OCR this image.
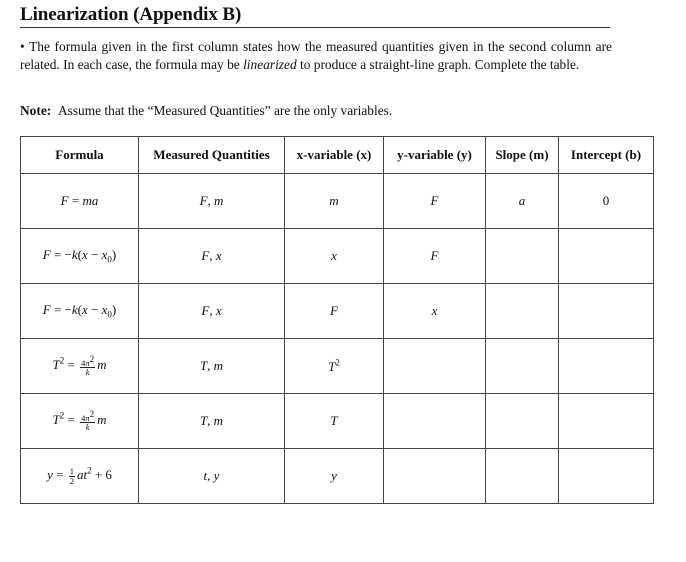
Linearization (Appendix B)
• The formula given in the first column states how the measured quantities given in the second column are related. In each case, the formula may be linearized to produce a straight-line graph. Complete the table.
Note: Assume that the “Measured Quantities” are the only variables.
Formula	Measured Quantities	x-variable (x)	y-variable (y)	Slope (m)	Intercept (b)
F = ma	F, m	m	F	a	0
$F = -k(x - x_0)$	F, x	x	F		
$F = -k(x - x_0)$	F, x	F	x		
$T^2 = \frac{4\pi^2}{k}$ m	T, m	$T^2$			
$T^2 = \frac{4\pi^2}{k}$ m	T, m	T			
$y = \frac{1}{2} at^2 + 6$	t, y	y			
